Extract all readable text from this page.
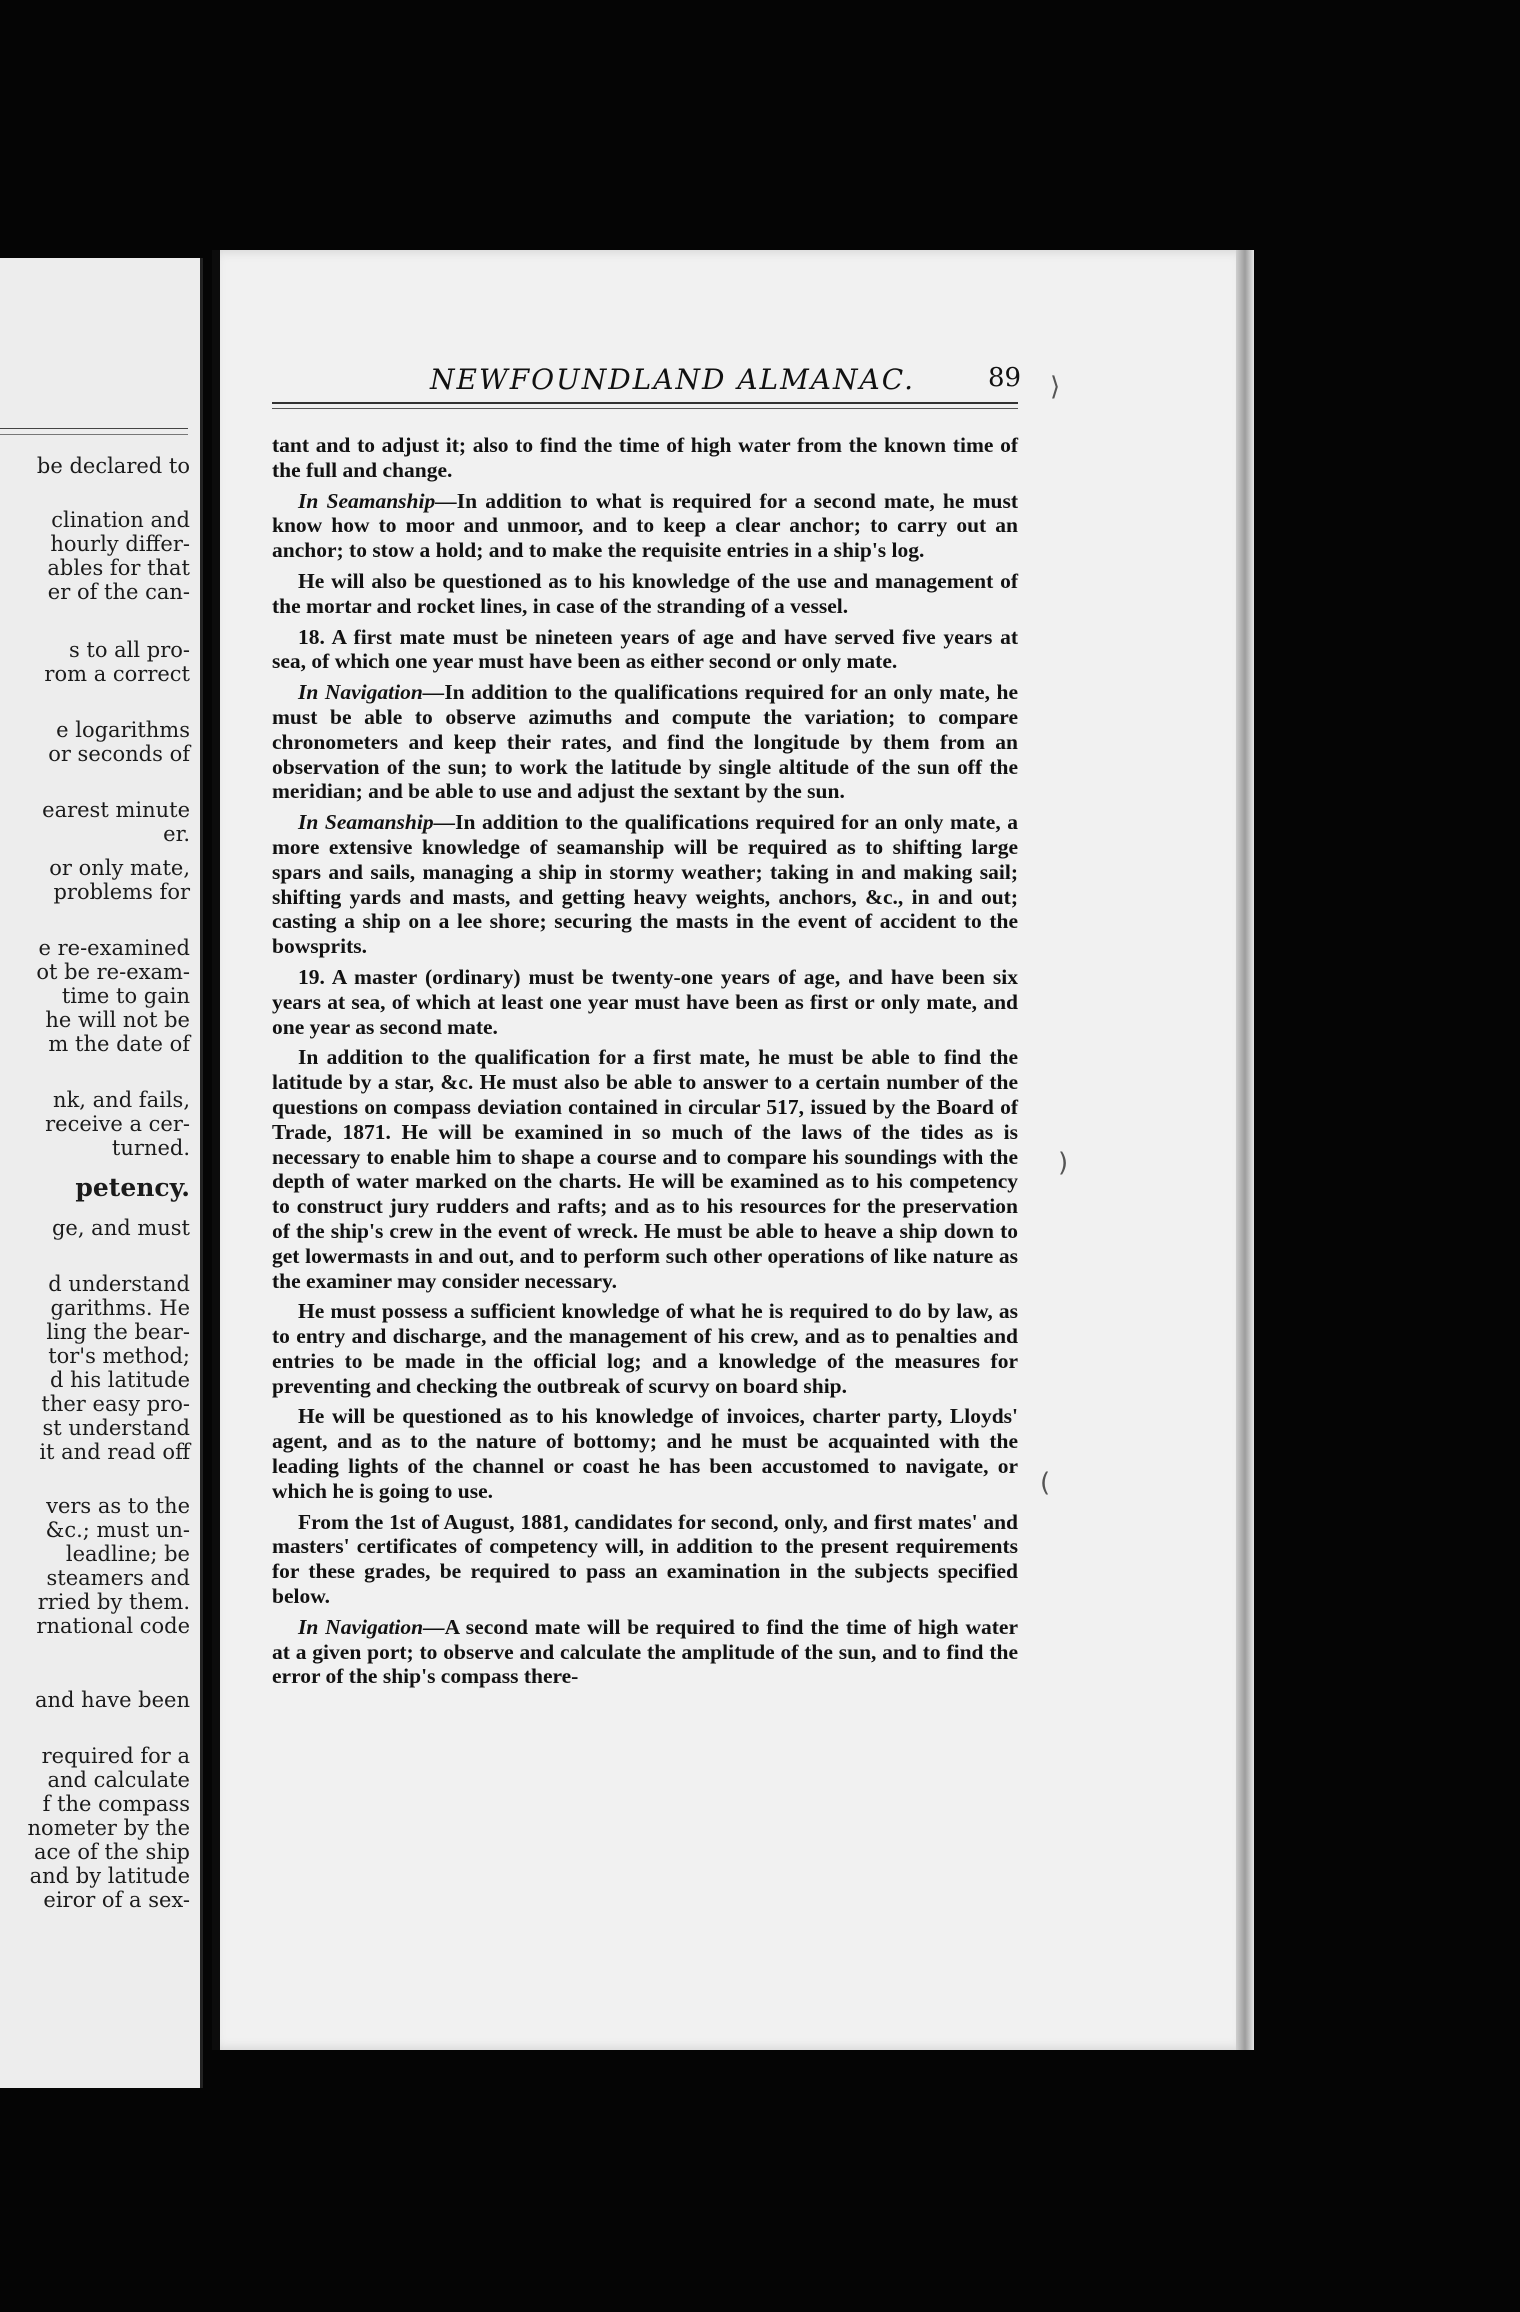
be declared to
clination and
hourly differ-
ables for that
er of the can-
s to all pro-
rom a correct
e logarithms
or seconds of
earest minute
er.
or only mate,
problems for
e re-examined
ot be re-exam-
time to gain
he will not be
m the date of
nk, and fails,
receive a cer-
turned.
petency.
ge, and must
d understand
garithms. He
ling the bear-
tor's method;
d his latitude
ther easy pro-
st understand
it and read off
vers as to the
&c.; must un-
leadline; be
steamers and
rried by them.
rnational code
and have been
required for a
and calculate
f the compass
nometer by the
ace of the ship
and by latitude
eiror of a sex-
NEWFOUNDLAND ALMANAC.	89 ⟩
)
(

tant and to adjust it; also to find the time of high water from the known time of the full and change.

In Seamanship—In addition to what is required for a second mate, he must know how to moor and unmoor, and to keep a clear anchor; to carry out an anchor; to stow a hold; and to make the requisite entries in a ship's log.

He will also be questioned as to his knowledge of the use and management of the mortar and rocket lines, in case of the stranding of a vessel.

18. A first mate must be nineteen years of age and have served five years at sea, of which one year must have been as either second or only mate.

In Navigation—In addition to the qualifications required for an only mate, he must be able to observe azimuths and compute the variation; to compare chronometers and keep their rates, and find the longitude by them from an observation of the sun; to work the latitude by single altitude of the sun off the meridian; and be able to use and adjust the sextant by the sun.

In Seamanship—In addition to the qualifications required for an only mate, a more extensive knowledge of seamanship will be required as to shifting large spars and sails, managing a ship in stormy weather; taking in and making sail; shifting yards and masts, and getting heavy weights, anchors, &c., in and out; casting a ship on a lee shore; securing the masts in the event of accident to the bowsprits.

19. A master (ordinary) must be twenty-one years of age, and have been six years at sea, of which at least one year must have been as first or only mate, and one year as second mate.

In addition to the qualification for a first mate, he must be able to find the latitude by a star, &c. He must also be able to answer to a certain number of the questions on compass deviation contained in circular 517, issued by the Board of Trade, 1871. He will be examined in so much of the laws of the tides as is necessary to enable him to shape a course and to compare his soundings with the depth of water marked on the charts. He will be examined as to his competency to construct jury rudders and rafts; and as to his resources for the preservation of the ship's crew in the event of wreck. He must be able to heave a ship down to get lowermasts in and out, and to perform such other operations of like nature as the examiner may consider necessary.

He must possess a sufficient knowledge of what he is required to do by law, as to entry and discharge, and the management of his crew, and as to penalties and entries to be made in the official log; and a knowledge of the measures for preventing and checking the outbreak of scurvy on board ship.

He will be questioned as to his knowledge of invoices, charter party, Lloyds' agent, and as to the nature of bottomy; and he must be acquainted with the leading lights of the channel or coast he has been accustomed to navigate, or which he is going to use.

From the 1st of August, 1881, candidates for second, only, and first mates' and masters' certificates of competency will, in addition to the present requirements for these grades, be required to pass an examination in the subjects specified below.

In Navigation—A second mate will be required to find the time of high water at a given port; to observe and calculate the amplitude of the sun, and to find the error of the ship's compass there-
